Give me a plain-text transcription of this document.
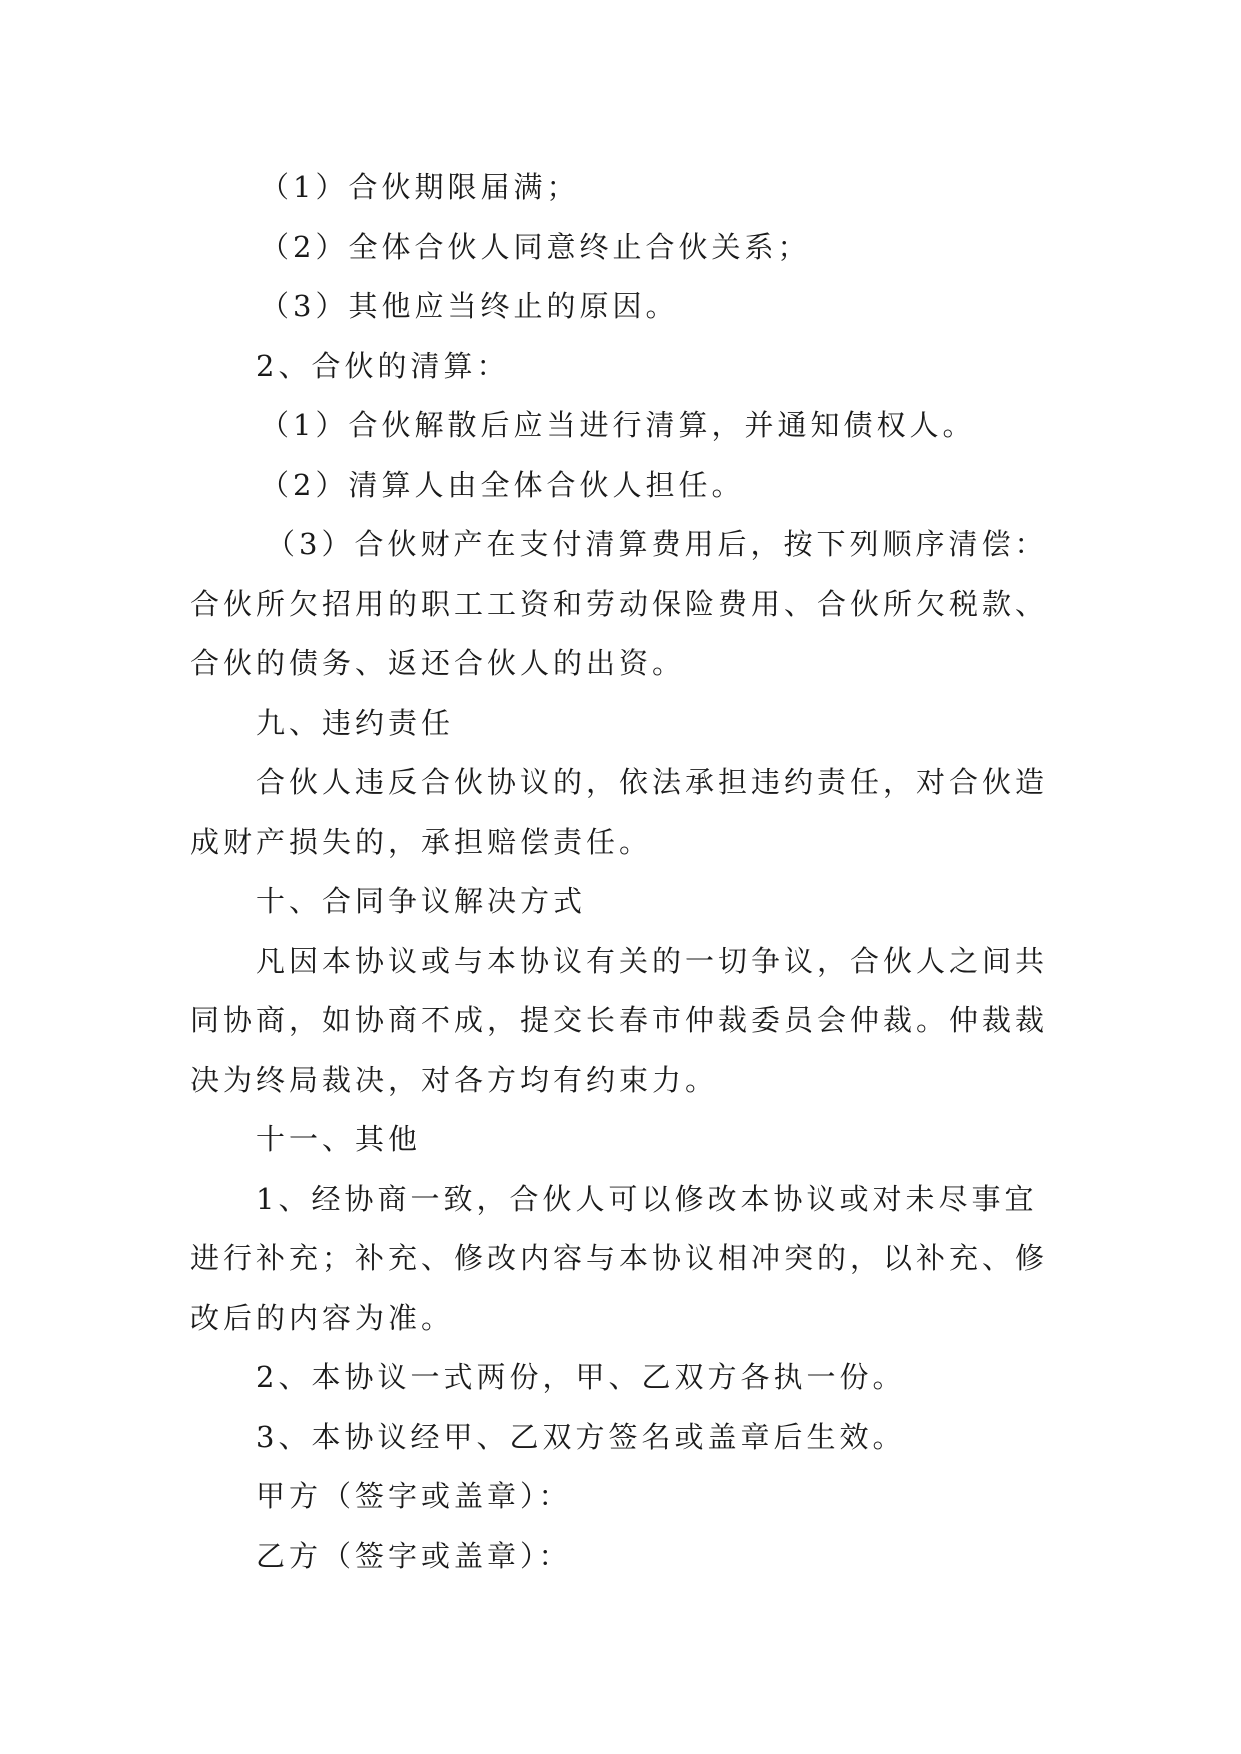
（1）合伙期限届满；

（2）全体合伙人同意终止合伙关系；

（3）其他应当终止的原因。

2、合伙的清算：

（1）合伙解散后应当进行清算，并通知债权人。

（2）清算人由全体合伙人担任。

（3）合伙财产在支付清算费用后，按下列顺序清偿：合伙所欠招用的职工工资和劳动保险费用、合伙所欠税款、合伙的债务、返还合伙人的出资。

九、违约责任

合伙人违反合伙协议的，依法承担违约责任，对合伙造成财产损失的，承担赔偿责任。

十、合同争议解决方式

凡因本协议或与本协议有关的一切争议，合伙人之间共同协商，如协商不成，提交长春市仲裁委员会仲裁。仲裁裁决为终局裁决，对各方均有约束力。

十一、其他

1、经协商一致，合伙人可以修改本协议或对未尽事宜进行补充；补充、修改内容与本协议相冲突的，以补充、修改后的内容为准。

2、本协议一式两份，甲、乙双方各执一份。

3、本协议经甲、乙双方签名或盖章后生效。

甲方（签字或盖章）：

乙方（签字或盖章）：
